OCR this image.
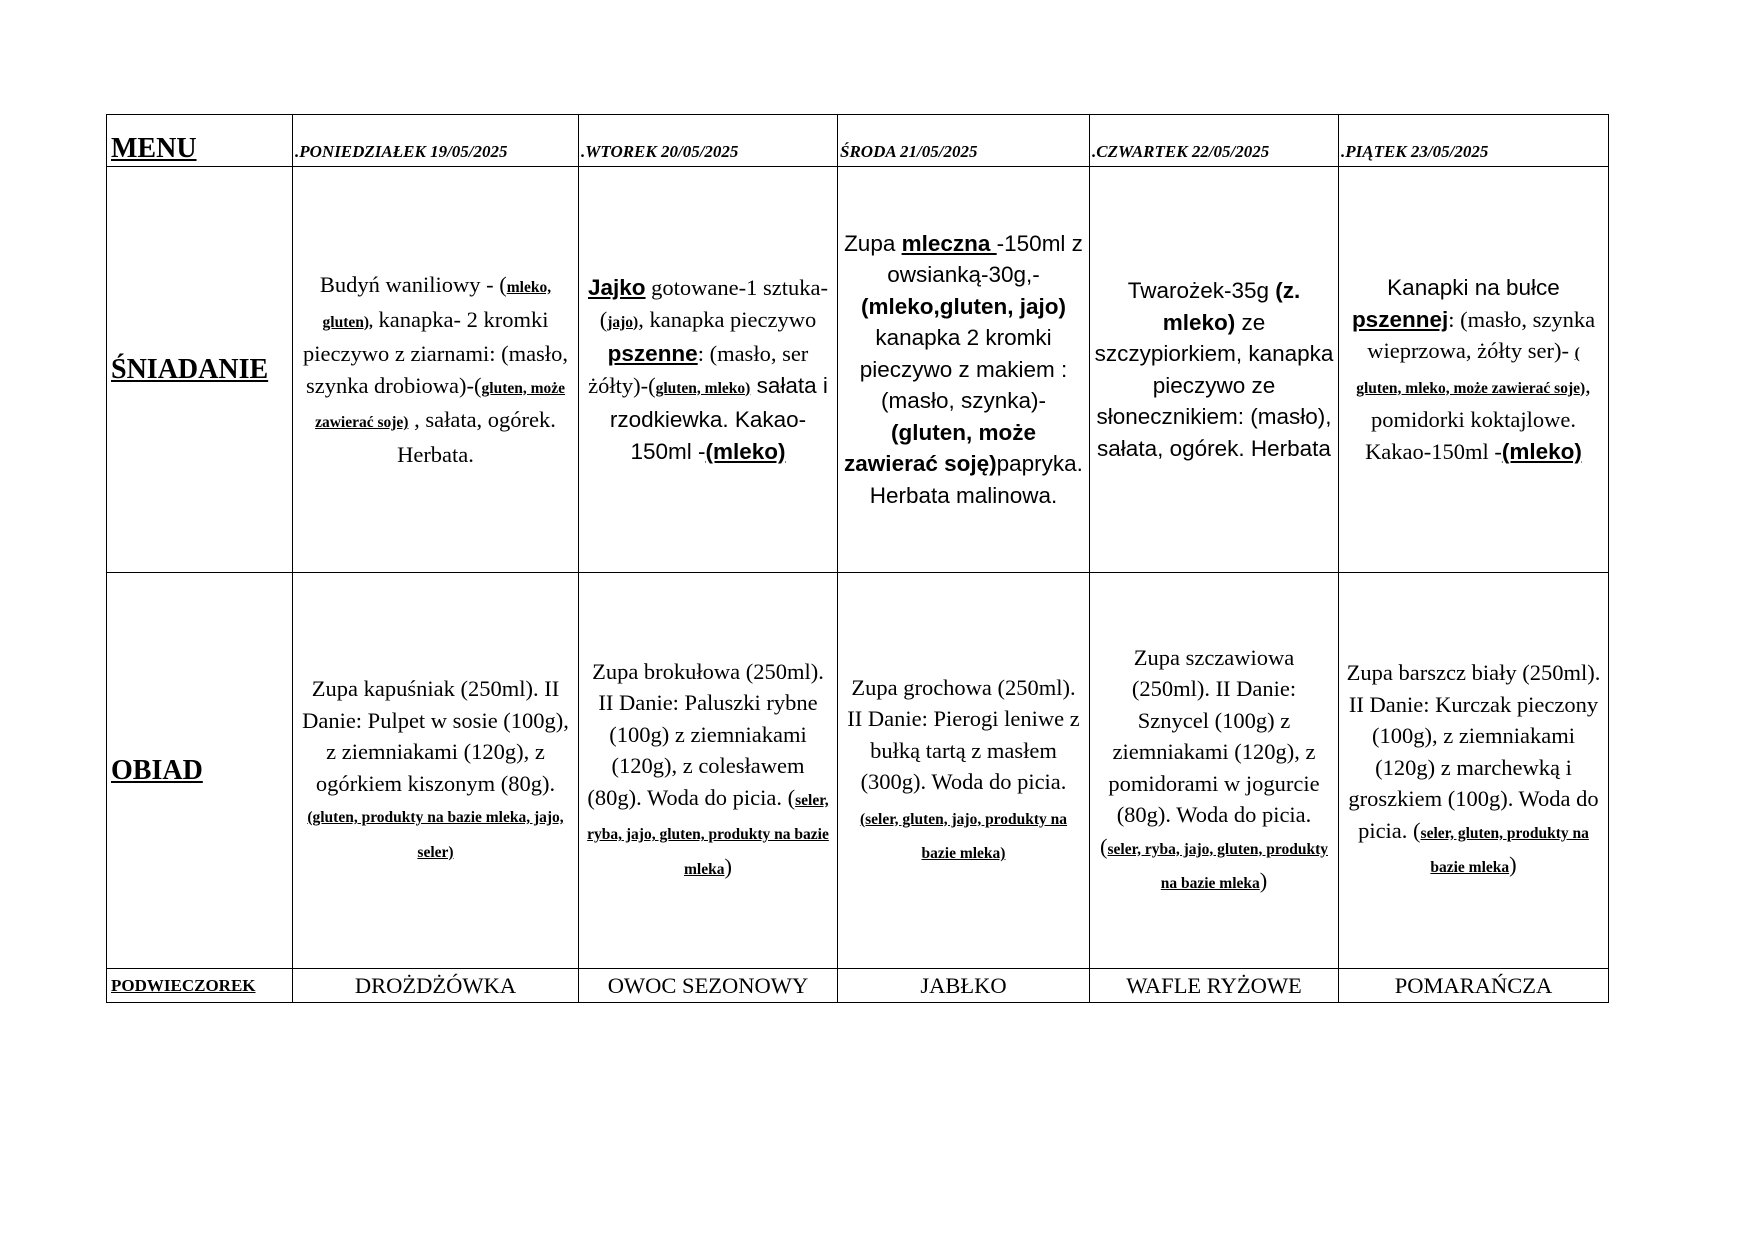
MENU	.PONIEDZIAŁEK 19/05/2025	.WTOREK 20/05/2025	ŚRODA 21/05/2025	.CZWARTEK 22/05/2025	.PIĄTEK 23/05/2025
ŚNIADANIE	Budyń waniliowy - (mleko, gluten), kanapka- 2 kromki pieczywo z ziarnami: (masło, szynka drobiowa)-(gluten, może zawierać soje) , sałata, ogórek. Herbata.	Jajko gotowane-1 sztuka- (jajo), kanapka pieczywo pszenne: (masło, ser żółty)-(gluten, mleko) sałata i rzodkiewka. Kakao-150ml -(mleko)	Zupa mleczna -150ml z owsianką-30g,-(mleko,gluten, jajo) kanapka 2 kromki pieczywo z makiem :(masło, szynka)-(gluten, może zawierać soję)papryka. Herbata malinowa.	Twarożek-35g (z. mleko) ze szczypiorkiem, kanapka pieczywo ze słonecznikiem: (masło), sałata, ogórek. Herbata	Kanapki na bułce pszennej: (masło, szynka wieprzowa, żółty ser)- ( gluten, mleko, może zawierać soje), pomidorki koktajlowe. Kakao-150ml -(mleko)
OBIAD	Zupa kapuśniak (250ml). II Danie: Pulpet w sosie (100g), z ziemniakami (120g), z ogórkiem kiszonym (80g). (gluten, produkty na bazie mleka, jajo, seler)	Zupa brokułowa (250ml). II Danie: Paluszki rybne (100g) z ziemniakami (120g), z colesławem (80g). Woda do picia. (seler, ryba, jajo, gluten, produkty na bazie mleka)	Zupa grochowa (250ml). II Danie: Pierogi leniwe z bułką tartą z masłem (300g). Woda do picia. (seler, gluten, jajo, produkty na bazie mleka)	Zupa szczawiowa (250ml). II Danie: Sznycel (100g) z ziemniakami (120g), z pomidorami w jogurcie (80g). Woda do picia. (seler, ryba, jajo, gluten, produkty na bazie mleka)	Zupa barszcz biały (250ml). II Danie: Kurczak pieczony (100g), z ziemniakami (120g) z marchewką i groszkiem (100g). Woda do picia. (seler, gluten, produkty na bazie mleka)
PODWIECZOREK	DROŻDŻÓWKA	OWOC SEZONOWY	JABŁKO	WAFLE RYŻOWE	POMARAŃCZA
